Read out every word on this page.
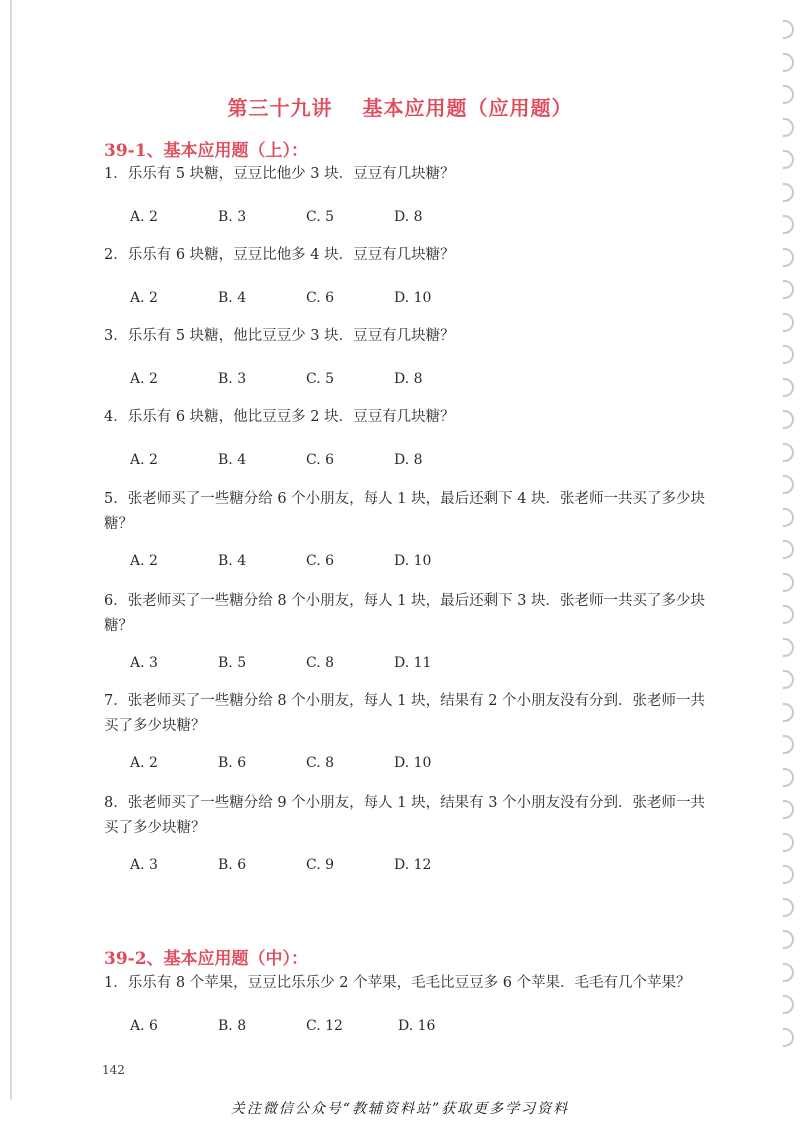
第三十九讲 基本应用题（应用题）
39-1、基本应用题（上）：
1．乐乐有 5 块糖，豆豆比他少 3 块．豆豆有几块糖？
A. 2	B. 3	C. 5	D. 8
2．乐乐有 6 块糖，豆豆比他多 4 块．豆豆有几块糖？
A. 2	B. 4	C. 6	D. 10
3．乐乐有 5 块糖，他比豆豆少 3 块．豆豆有几块糖？
A. 2	B. 3	C. 5	D. 8
4．乐乐有 6 块糖，他比豆豆多 2 块．豆豆有几块糖？
A. 2	B. 4	C. 6	D. 8
5．张老师买了一些糖分给 6 个小朋友，每人 1 块，最后还剩下 4 块．张老师一共买了多少块
糖？
A. 2	B. 4	C. 6	D. 10
6．张老师买了一些糖分给 8 个小朋友，每人 1 块，最后还剩下 3 块．张老师一共买了多少块
糖？
A. 3	B. 5	C. 8	D. 11
7．张老师买了一些糖分给 8 个小朋友，每人 1 块，结果有 2 个小朋友没有分到．张老师一共
买了多少块糖？
A. 2	B. 6	C. 8	D. 10
8．张老师买了一些糖分给 9 个小朋友，每人 1 块，结果有 3 个小朋友没有分到．张老师一共
买了多少块糖？
A. 3	B. 6	C. 9	D. 12
39-2、基本应用题（中）：
1．乐乐有 8 个苹果，豆豆比乐乐少 2 个苹果，毛毛比豆豆多 6 个苹果．毛毛有几个苹果？
A. 6	B. 8	C. 12	D. 16
142
关注微信公众号“教辅资料站”获取更多学习资料
